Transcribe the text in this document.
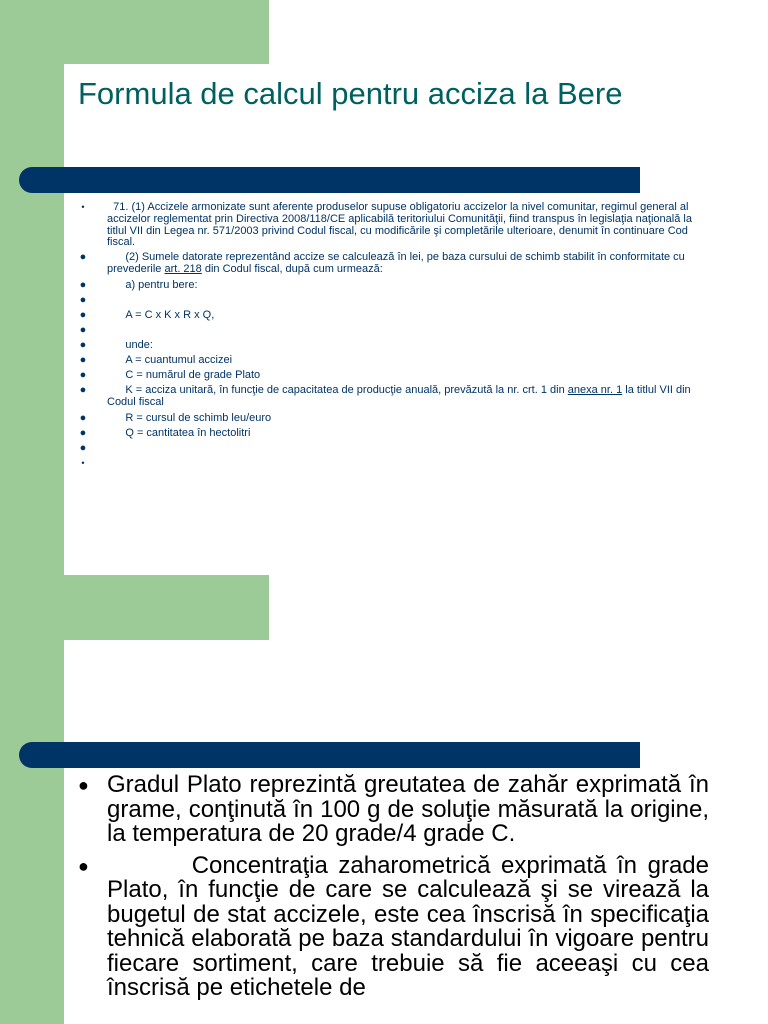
Formula de calcul pentru acciza la Bere
•	71. (1) Accizele armonizate sunt aferente produselor supuse obligatoriu accizelor la nivel comunitar, regimul general al accizelor reglementat prin Directiva 2008/118/CE aplicabilă teritoriului Comunităţii, fiind transpus în legislaţia naţională la titlul VII din Legea nr. 571/2003 privind Codul fiscal, cu modificările şi completările ulterioare, denumit în continuare Cod fiscal.
● (2) Sumele datorate reprezentând accize se calculează în lei, pe baza cursului de schimb stabilit în conformitate cu prevederile art. 218 din Codul fiscal, după cum urmează:
● a) pentru bere:
●
● A = C x K x R x Q,
●
● unde:
● A = cuantumul accizei
● C = numărul de grade Plato
● K = acciza unitară, în funcţie de capacitatea de producţie anuală, prevăzută la nr. crt. 1 din anexa nr. 1 la titlul VII din Codul fiscal
● R = cursul de schimb leu/euro
● Q = cantitatea în hectolitri
●
•
● Gradul Plato reprezintă greutatea de zahăr exprimată în grame, conţinută în 100 g de soluţie măsurată la origine, la temperatura de 20 grade/4 grade C.
● Concentraţia zaharometrică exprimată în grade Plato, în funcţie de care se calculează şi se virează la bugetul de stat accizele, este cea înscrisă în specificaţia tehnică elaborată pe baza standardului în vigoare pentru fiecare sortiment, care trebuie să fie aceeaşi cu cea înscrisă pe etichetele de
